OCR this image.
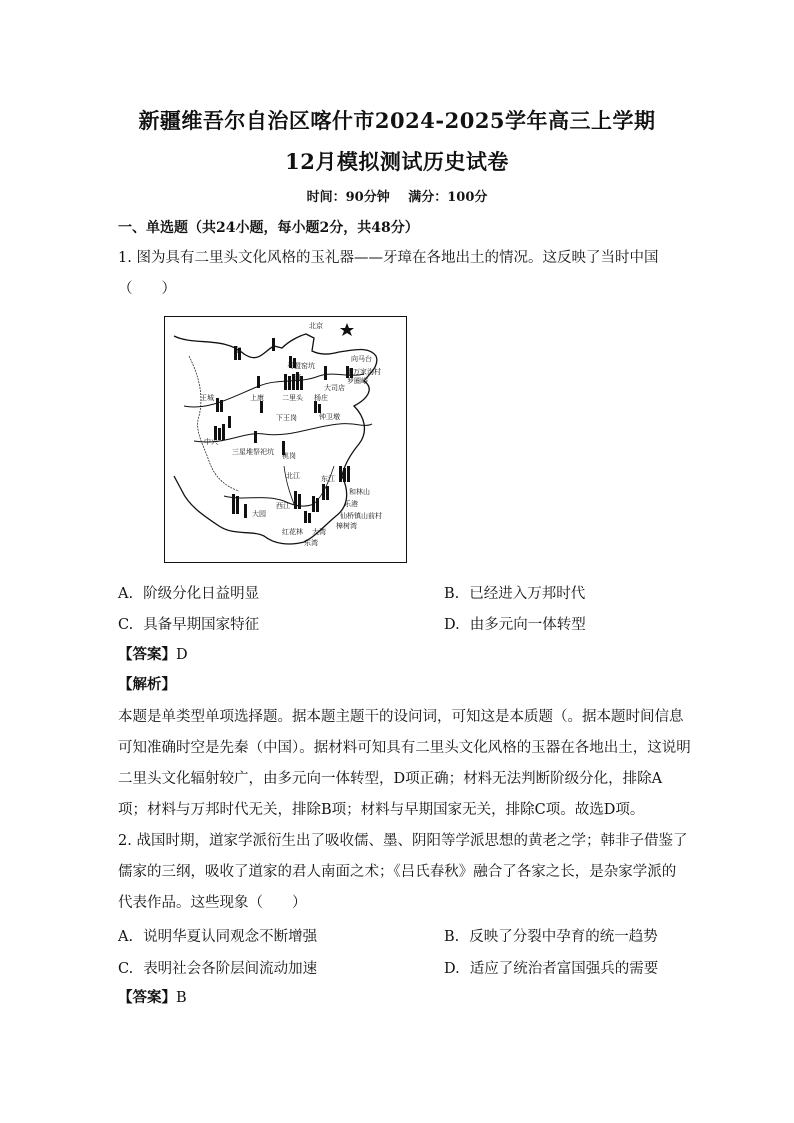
新疆维吾尔自治区喀什市2024-2025学年高三上学期
12月模拟测试历史试卷
时间：90分钟 满分：100分
一、单选题（共24小题，每小题2分，共48分）
1. 图为具有二里头文化风格的玉礼器——牙璋在各地出土的情况。这反映了当时中国
（　　）
北京
马盟窑坑
向马台
上万家沟村
罗圈峪
河
大司店
宁
杨庄
上康	二里头
王城
下王岗	钟卫墩
中兴
三星堆祭祀坑 桃岗
北江	东江
西江
大园
红花林 大湾
东湾
和林山
仙桥镇山前村
樟树湾
乐港
A. 阶级分化日益明显	B. 已经进入万邦时代
C. 具备早期国家特征	D. 由多元向一体转型
【答案】D
【解析】
本题是单类型单项选择题。据本题主题干的设问词，可知这是本质题（。据本题时间信息
可知准确时空是先秦（中国）。据材料可知具有二里头文化风格的玉器在各地出土，这说明
二里头文化辐射较广，由多元向一体转型，D项正确；材料无法判断阶级分化，排除A
项；材料与万邦时代无关，排除B项；材料与早期国家无关，排除C项。故选D项。
2. 战国时期，道家学派衍生出了吸收儒、墨、阴阳等学派思想的黄老之学；韩非子借鉴了
儒家的三纲，吸收了道家的君人南面之术；《吕氏春秋》融合了各家之长，是杂家学派的
代表作品。这些现象（　　）
A. 说明华夏认同观念不断增强	B. 反映了分裂中孕育的统一趋势
C. 表明社会各阶层间流动加速	D. 适应了统治者富国强兵的需要
【答案】B
